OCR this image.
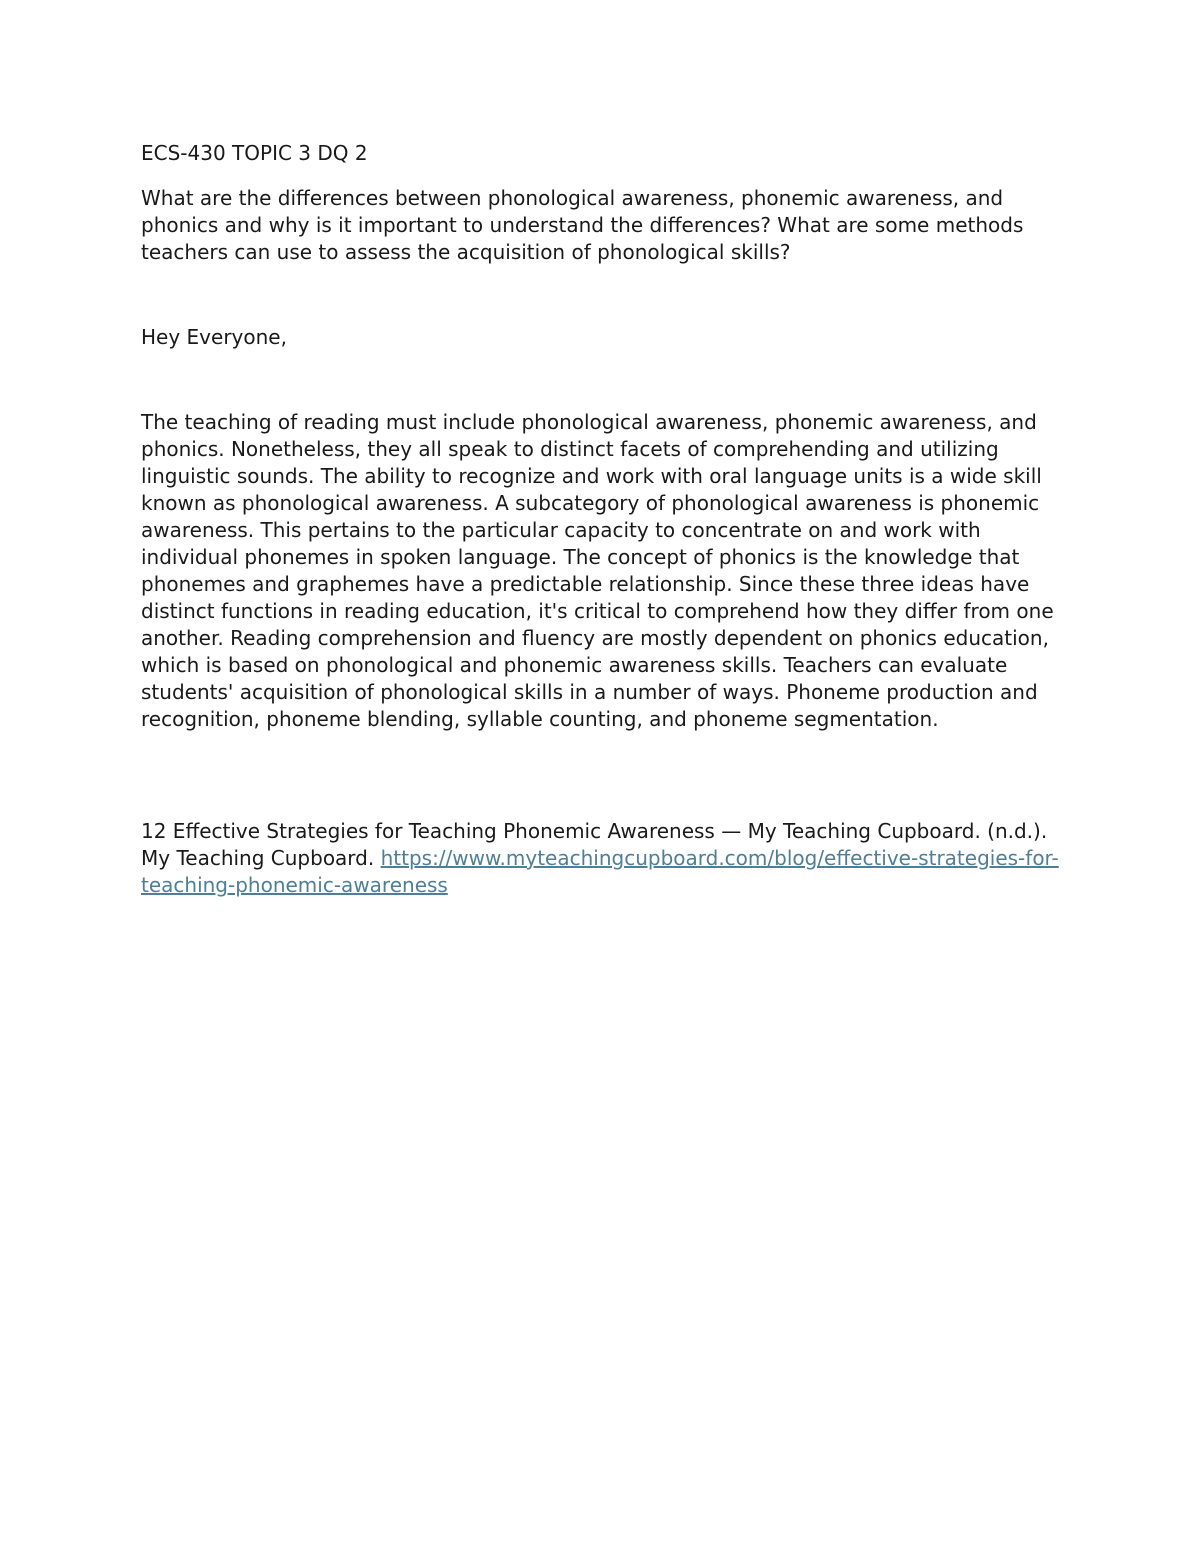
ECS-430 TOPIC 3 DQ 2

What are the differences between phonological awareness, phonemic awareness, and phonics and why is it important to understand the differences? What are some methods teachers can use to assess the acquisition of phonological skills?

Hey Everyone,

The teaching of reading must include phonological awareness, phonemic awareness, and phonics. Nonetheless, they all speak to distinct facets of comprehending and utilizing linguistic sounds. The ability to recognize and work with oral language units is a wide skill known as phonological awareness. A subcategory of phonological awareness is phonemic awareness. This pertains to the particular capacity to concentrate on and work with individual phonemes in spoken language. The concept of phonics is the knowledge that phonemes and graphemes have a predictable relationship. Since these three ideas have distinct functions in reading education, it's critical to comprehend how they differ from one another. Reading comprehension and fluency are mostly dependent on phonics education, which is based on phonological and phonemic awareness skills. Teachers can evaluate students' acquisition of phonological skills in a number of ways. Phoneme production and recognition, phoneme blending, syllable counting, and phoneme segmentation.

12 Effective Strategies for Teaching Phonemic Awareness — My Teaching Cupboard. (n.d.). My Teaching Cupboard. https://www.myteachingcupboard.com/blog/effective-strategies-for-teaching-phonemic-awareness
